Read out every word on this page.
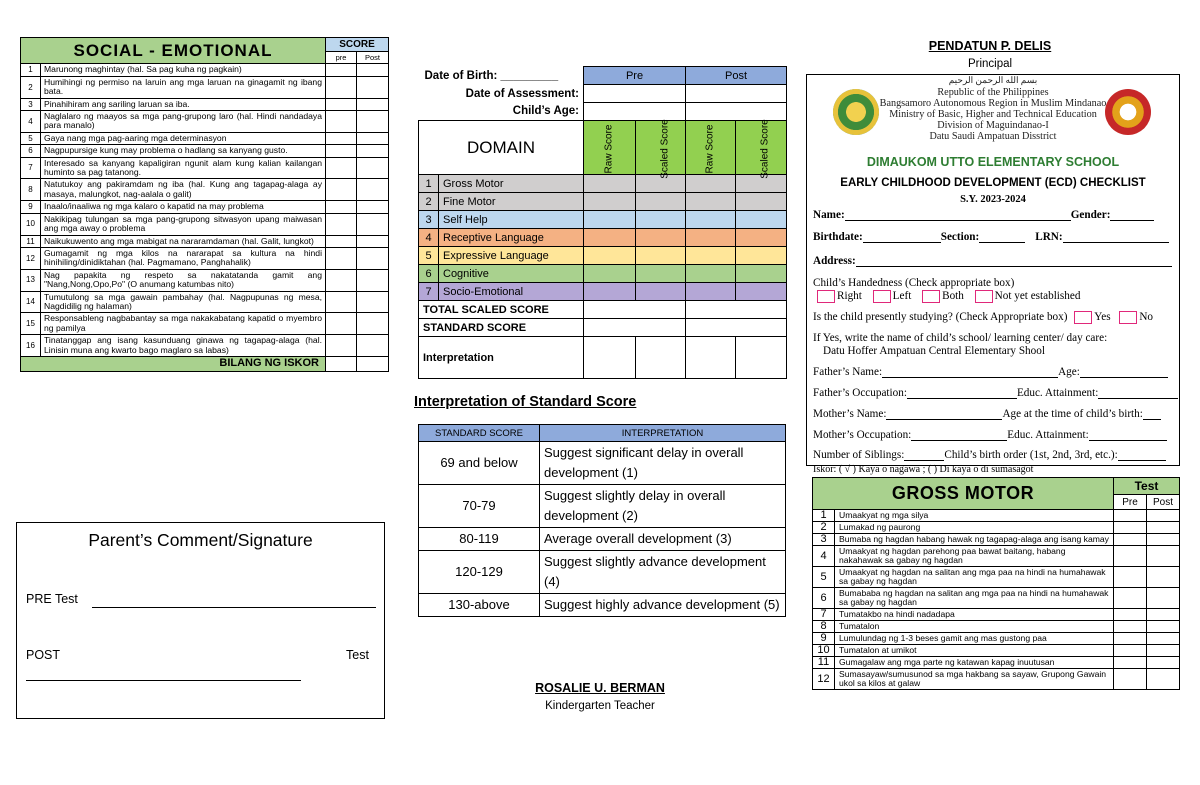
SOCIAL - EMOTIONAL		SCORE	
		pre	Post
1	Marunong maghintay (hal. Sa pag kuha ng pagkain)		
2	Humihingi ng permiso na laruin ang mga laruan na ginagamit ng ibang bata.		
3	Pinahihiram ang sariling laruan sa iba.		
4	Naglalaro ng maayos sa mga pang-grupong laro (hal. Hindi nandadaya para manalo)		
5	Gaya nang mga pag-aaring mga determinasyon		
6	Nagpupursige kung may problema o hadlang sa kanyang gusto.		
7	Interesado sa kanyang kapaligiran ngunit alam kung kalian kailangan huminto sa pag tatanong.		
8	Natutukoy ang pakiramdam ng iba (hal. Kung ang tagapag-alaga ay masaya, malungkot, nag-aalala o galit)		
9	Inaalo/inaaliwa ng mga kalaro o kapatid na may problema		
10	Nakikipag tulungan sa mga pang-grupong sitwasyon upang maiwasan ang mga away o problema		
11	Naikukuwento ang mga mabigat na nararamdaman (hal. Galit, lungkot)		
12	Gumagamit ng mga kilos na nararapat sa kultura na hindi hinihiling/dinidiktahan (hal. Pagmamano, Panghahalik)		
13	Nag papakita ng respeto sa nakatatanda gamit ang "Nang,Nong,Opo,Po" (O anumang katumbas nito)		
14	Tumutulong sa mga gawain pambahay (hal. Nagpupunas ng mesa, Nagdidilig ng halaman)		
15	Responsableng nagbabantay sa mga nakakabatang kapatid o myembro ng pamilya		
16	Tinatanggap ang isang kasunduang ginawa ng tagapag-alaga (hal. Linisin muna ang kwarto bago maglaro sa labas)		
BILANG NG ISKOR			
Parent’s Comment/Signature
PRE Test
POST	Test
Date of Birth: _________		Pre		Post	
Date of Assessment:					
Child’s Age:					
DOMAIN		Raw Score	Scaled Score	Raw Score	Scaled Score
1	Gross Motor				
2	Fine Motor				
3	Self Help				
4	Receptive Language				
5	Expressive Language				
6	Cognitive				
7	Socio-Emotional				
TOTAL SCALED SCORE					
STANDARD SCORE					
Interpretation					
Interpretation of Standard Score
STANDARD SCORE	INTERPRETATION
69 and below	Suggest significant delay in overall development (1)
70-79	Suggest slightly delay in overall development (2)
80-119	Average overall development (3)
120-129	Suggest slightly advance development (4)
130-above	Suggest highly advance development (5)
ROSALIE U. BERMAN
Kindergarten Teacher
PENDATUN P. DELIS
Principal
بسم الله الرحمن الرحيم
Republic of the Philippines
Bangsamoro Autonomous Region in Muslim Mindanao
Ministry of Basic, Higher and Technical Education
Division of Maguindanao-I
Datu Saudi Ampatuan Disstrict
DIMAUKOM UTTO ELEMENTARY SCHOOL
EARLY CHILDHOOD DEVELOPMENT (ECD) CHECKLIST
S.Y. 2023-2024
Name:	Gender:
Birthdate:	Section:	LRN:
Address:
Child’s Handedness (Check appropriate box)
Right	Left	Both	Not yet established
Is the child presently studying? (Check Appropriate box) Yes	No
If Yes, write the name of child’s school/ learning center/ day care:
Datu Hoffer Ampatuan Central Elementary Shool
Father’s Name:	Age:
Father’s Occupation:	Educ. Attainment:
Mother’s Name:	Age at the time of child’s birth:
Mother’s Occupation:	Educ. Attainment:
Number of Siblings:	Child’s birth order (1st, 2nd, 3rd, etc.):
Iskor: ( √ ) Kaya o nagawa ; ( ) Di kaya o di sumasagot
GROSS MOTOR		Test	
		Pre	Post
1	Umaakyat ng mga silya		
2	Lumakad ng paurong		
3	Bumaba ng hagdan habang hawak ng tagapag-alaga ang isang kamay		
4	Umaakyat ng hagdan parehong paa bawat baitang, habang nakahawak sa gabay ng hagdan		
5	Umaakyat ng hagdan na salitan ang mga paa na hindi na humahawak sa gabay ng hagdan		
6	Bumababa ng hagdan na salitan ang mga paa na hindi na humahawak sa gabay ng hagdan		
7	Tumatakbo na hindi nadadapa		
8	Tumatalon		
9	Lumulundag ng 1-3 beses gamit ang mas gustong paa		
10	Tumatalon at umikot		
11	Gumagalaw ang mga parte ng katawan kapag inuutusan		
12	Sumasayaw/sumusunod sa mga hakbang sa sayaw, Grupong Gawain ukol sa kilos at galaw		
